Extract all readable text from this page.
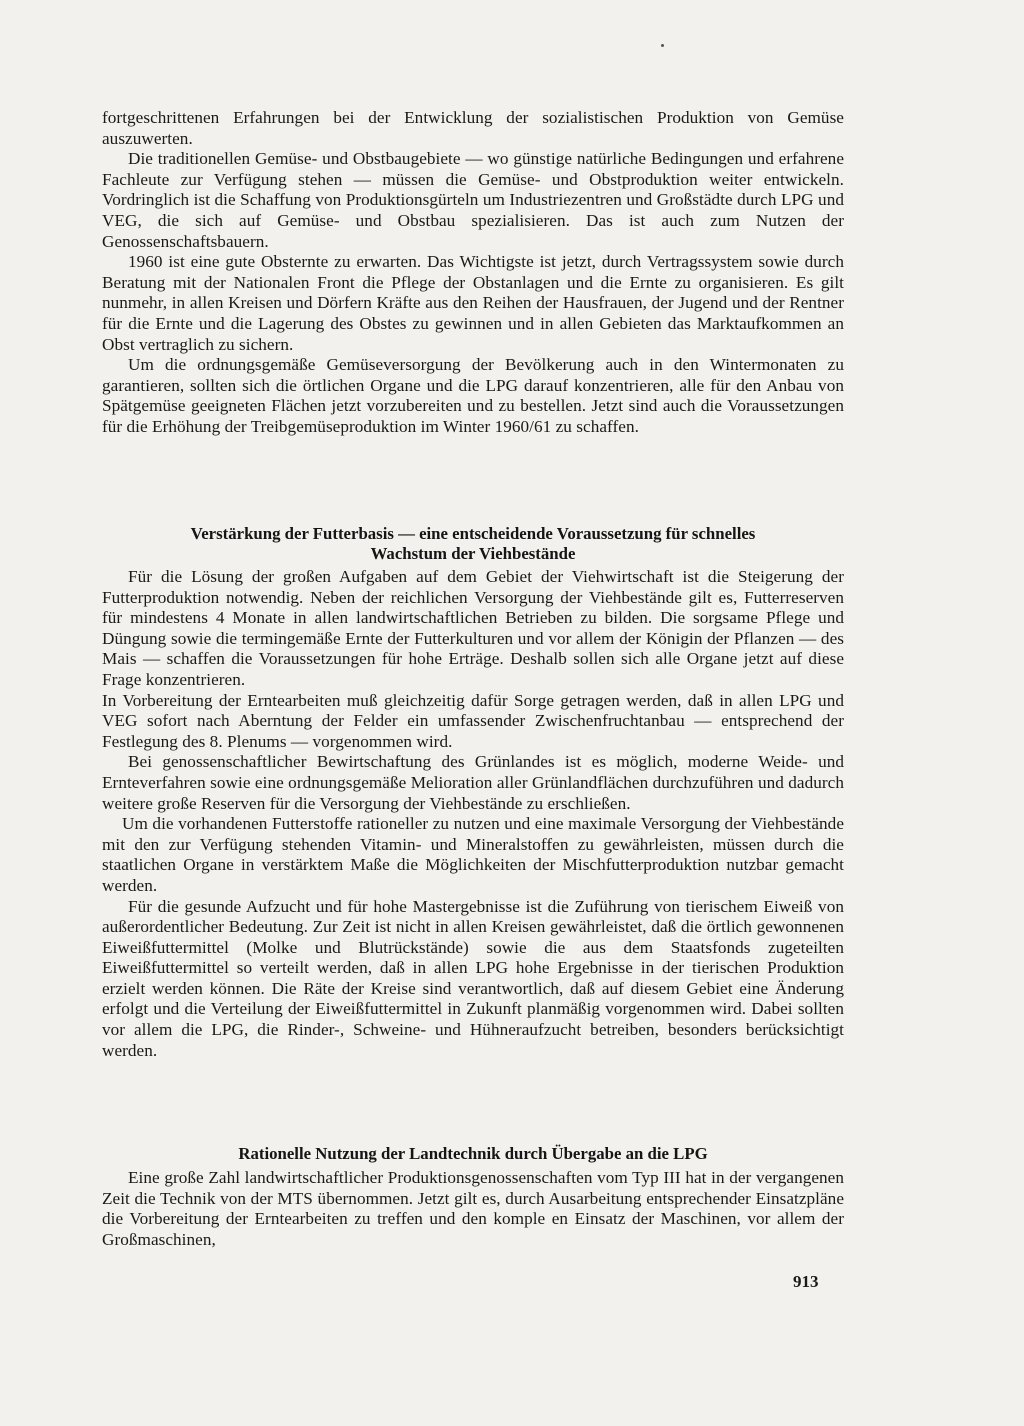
fortgeschrittenen Erfahrungen bei der Entwicklung der sozialistischen Produktion von Gemüse auszuwerten.

Die traditionellen Gemüse- und Obstbaugebiete — wo günstige natürliche Bedingungen und erfahrene Fachleute zur Verfügung stehen — müssen die Gemüse- und Obstproduktion weiter entwickeln. Vordringlich ist die Schaffung von Produktionsgürteln um Industriezentren und Großstädte durch LPG und VEG, die sich auf Gemüse- und Obstbau spezialisieren. Das ist auch zum Nutzen der Genossenschaftsbauern.

1960 ist eine gute Obsternte zu erwarten. Das Wichtigste ist jetzt, durch Vertragssystem sowie durch Beratung mit der Nationalen Front die Pflege der Obstanlagen und die Ernte zu organisieren. Es gilt nunmehr, in allen Kreisen und Dörfern Kräfte aus den Reihen der Hausfrauen, der Jugend und der Rentner für die Ernte und die Lagerung des Obstes zu gewinnen und in allen Gebieten das Marktaufkommen an Obst vertraglich zu sichern.

Um die ordnungsgemäße Gemüseversorgung der Bevölkerung auch in den Wintermonaten zu garantieren, sollten sich die örtlichen Organe und die LPG darauf konzentrieren, alle für den Anbau von Spätgemüse geeigneten Flächen jetzt vorzubereiten und zu bestellen. Jetzt sind auch die Voraussetzungen für die Erhöhung der Treibgemüseproduktion im Winter 1960/61 zu schaffen.

Verstärkung der Futterbasis — eine entscheidende Voraussetzung für schnelles
Wachstum der Viehbestände

Für die Lösung der großen Aufgaben auf dem Gebiet der Viehwirtschaft ist die Steigerung der Futterproduktion notwendig. Neben der reichlichen Versorgung der Viehbestände gilt es, Futterreserven für mindestens 4 Monate in allen landwirtschaftlichen Betrieben zu bilden. Die sorgsame Pflege und Düngung sowie die termingemäße Ernte der Futterkulturen und vor allem der Königin der Pflanzen — des Mais — schaffen die Voraussetzungen für hohe Erträge. Deshalb sollen sich alle Organe jetzt auf diese Frage konzentrieren.

In Vorbereitung der Erntearbeiten muß gleichzeitig dafür Sorge getragen werden, daß in allen LPG und VEG sofort nach Aberntung der Felder ein umfassender Zwischenfruchtanbau — entsprechend der Festlegung des 8. Plenums — vorgenommen wird.

Bei genossenschaftlicher Bewirtschaftung des Grünlandes ist es möglich, moderne Weide- und Ernteverfahren sowie eine ordnungsgemäße Melioration aller Grünlandflächen durchzuführen und dadurch weitere große Reserven für die Versorgung der Viehbestände zu erschließen.

Um die vorhandenen Futterstoffe rationeller zu nutzen und eine maximale Versorgung der Viehbestände mit den zur Verfügung stehenden Vitamin- und Mineralstoffen zu gewährleisten, müssen durch die staatlichen Organe in verstärktem Maße die Möglichkeiten der Mischfutterproduktion nutzbar gemacht werden.

Für die gesunde Aufzucht und für hohe Mastergebnisse ist die Zuführung von tierischem Eiweiß von außerordentlicher Bedeutung. Zur Zeit ist nicht in allen Kreisen gewährleistet, daß die örtlich gewonnenen Eiweißfuttermittel (Molke und Blutrückstände) sowie die aus dem Staatsfonds zugeteilten Eiweißfuttermittel so verteilt werden, daß in allen LPG hohe Ergebnisse in der tierischen Produktion erzielt werden können. Die Räte der Kreise sind verantwortlich, daß auf diesem Gebiet eine Änderung erfolgt und die Verteilung der Eiweißfuttermittel in Zukunft planmäßig vorgenommen wird. Dabei sollten vor allem die LPG, die Rinder-, Schweine- und Hühneraufzucht betreiben, besonders berücksichtigt werden.

Rationelle Nutzung der Landtechnik durch Übergabe an die LPG

Eine große Zahl landwirtschaftlicher Produktionsgenossenschaften vom Typ III hat in der vergangenen Zeit die Technik von der MTS übernommen. Jetzt gilt es, durch Ausarbeitung entsprechender Einsatzpläne die Vorbereitung der Erntearbeiten zu treffen und den komple en Einsatz der Maschinen, vor allem der Großmaschinen,

913
